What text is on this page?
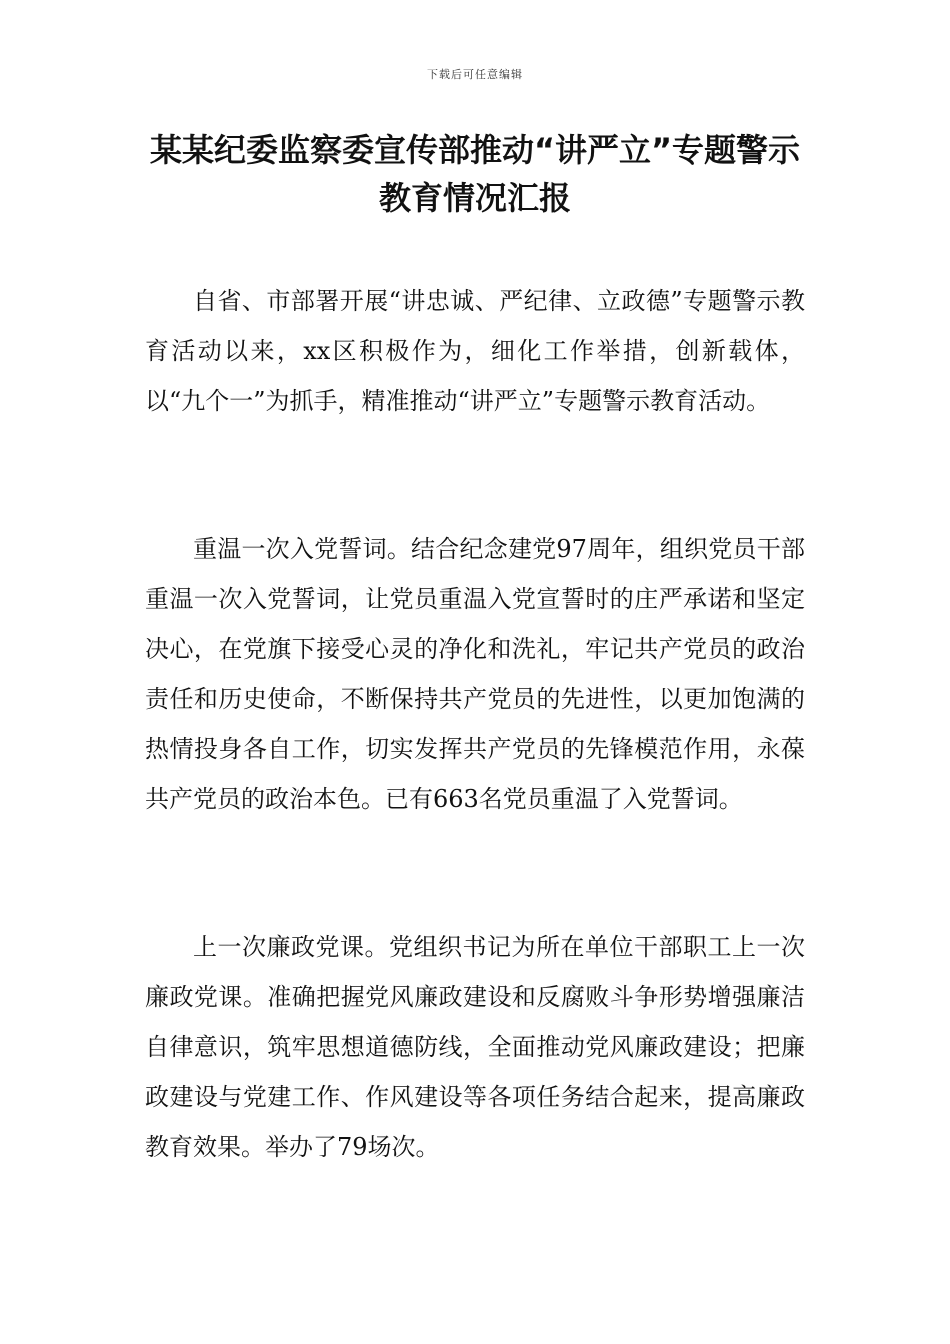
下载后可任意编辑
某某纪委监察委宣传部推动“讲严立”专题警示教育情况汇报

自省、市部署开展“讲忠诚、严纪律、立政德”专题警示教育活动以来，xx区积极作为，细化工作举措，创新载体，以“九个一”为抓手，精准推动“讲严立”专题警示教育活动。

重温一次入党誓词。结合纪念建党97周年，组织党员干部重温一次入党誓词，让党员重温入党宣誓时的庄严承诺和坚定决心，在党旗下接受心灵的净化和洗礼，牢记共产党员的政治责任和历史使命，不断保持共产党员的先进性，以更加饱满的热情投身各自工作，切实发挥共产党员的先锋模范作用，永葆共产党员的政治本色。已有663名党员重温了入党誓词。

上一次廉政党课。党组织书记为所在单位干部职工上一次廉政党课。准确把握党风廉政建设和反腐败斗争形势增强廉洁自律意识，筑牢思想道德防线，全面推动党风廉政建设；把廉政建设与党建工作、作风建设等各项任务结合起来，提高廉政教育效果。举办了79场次。
